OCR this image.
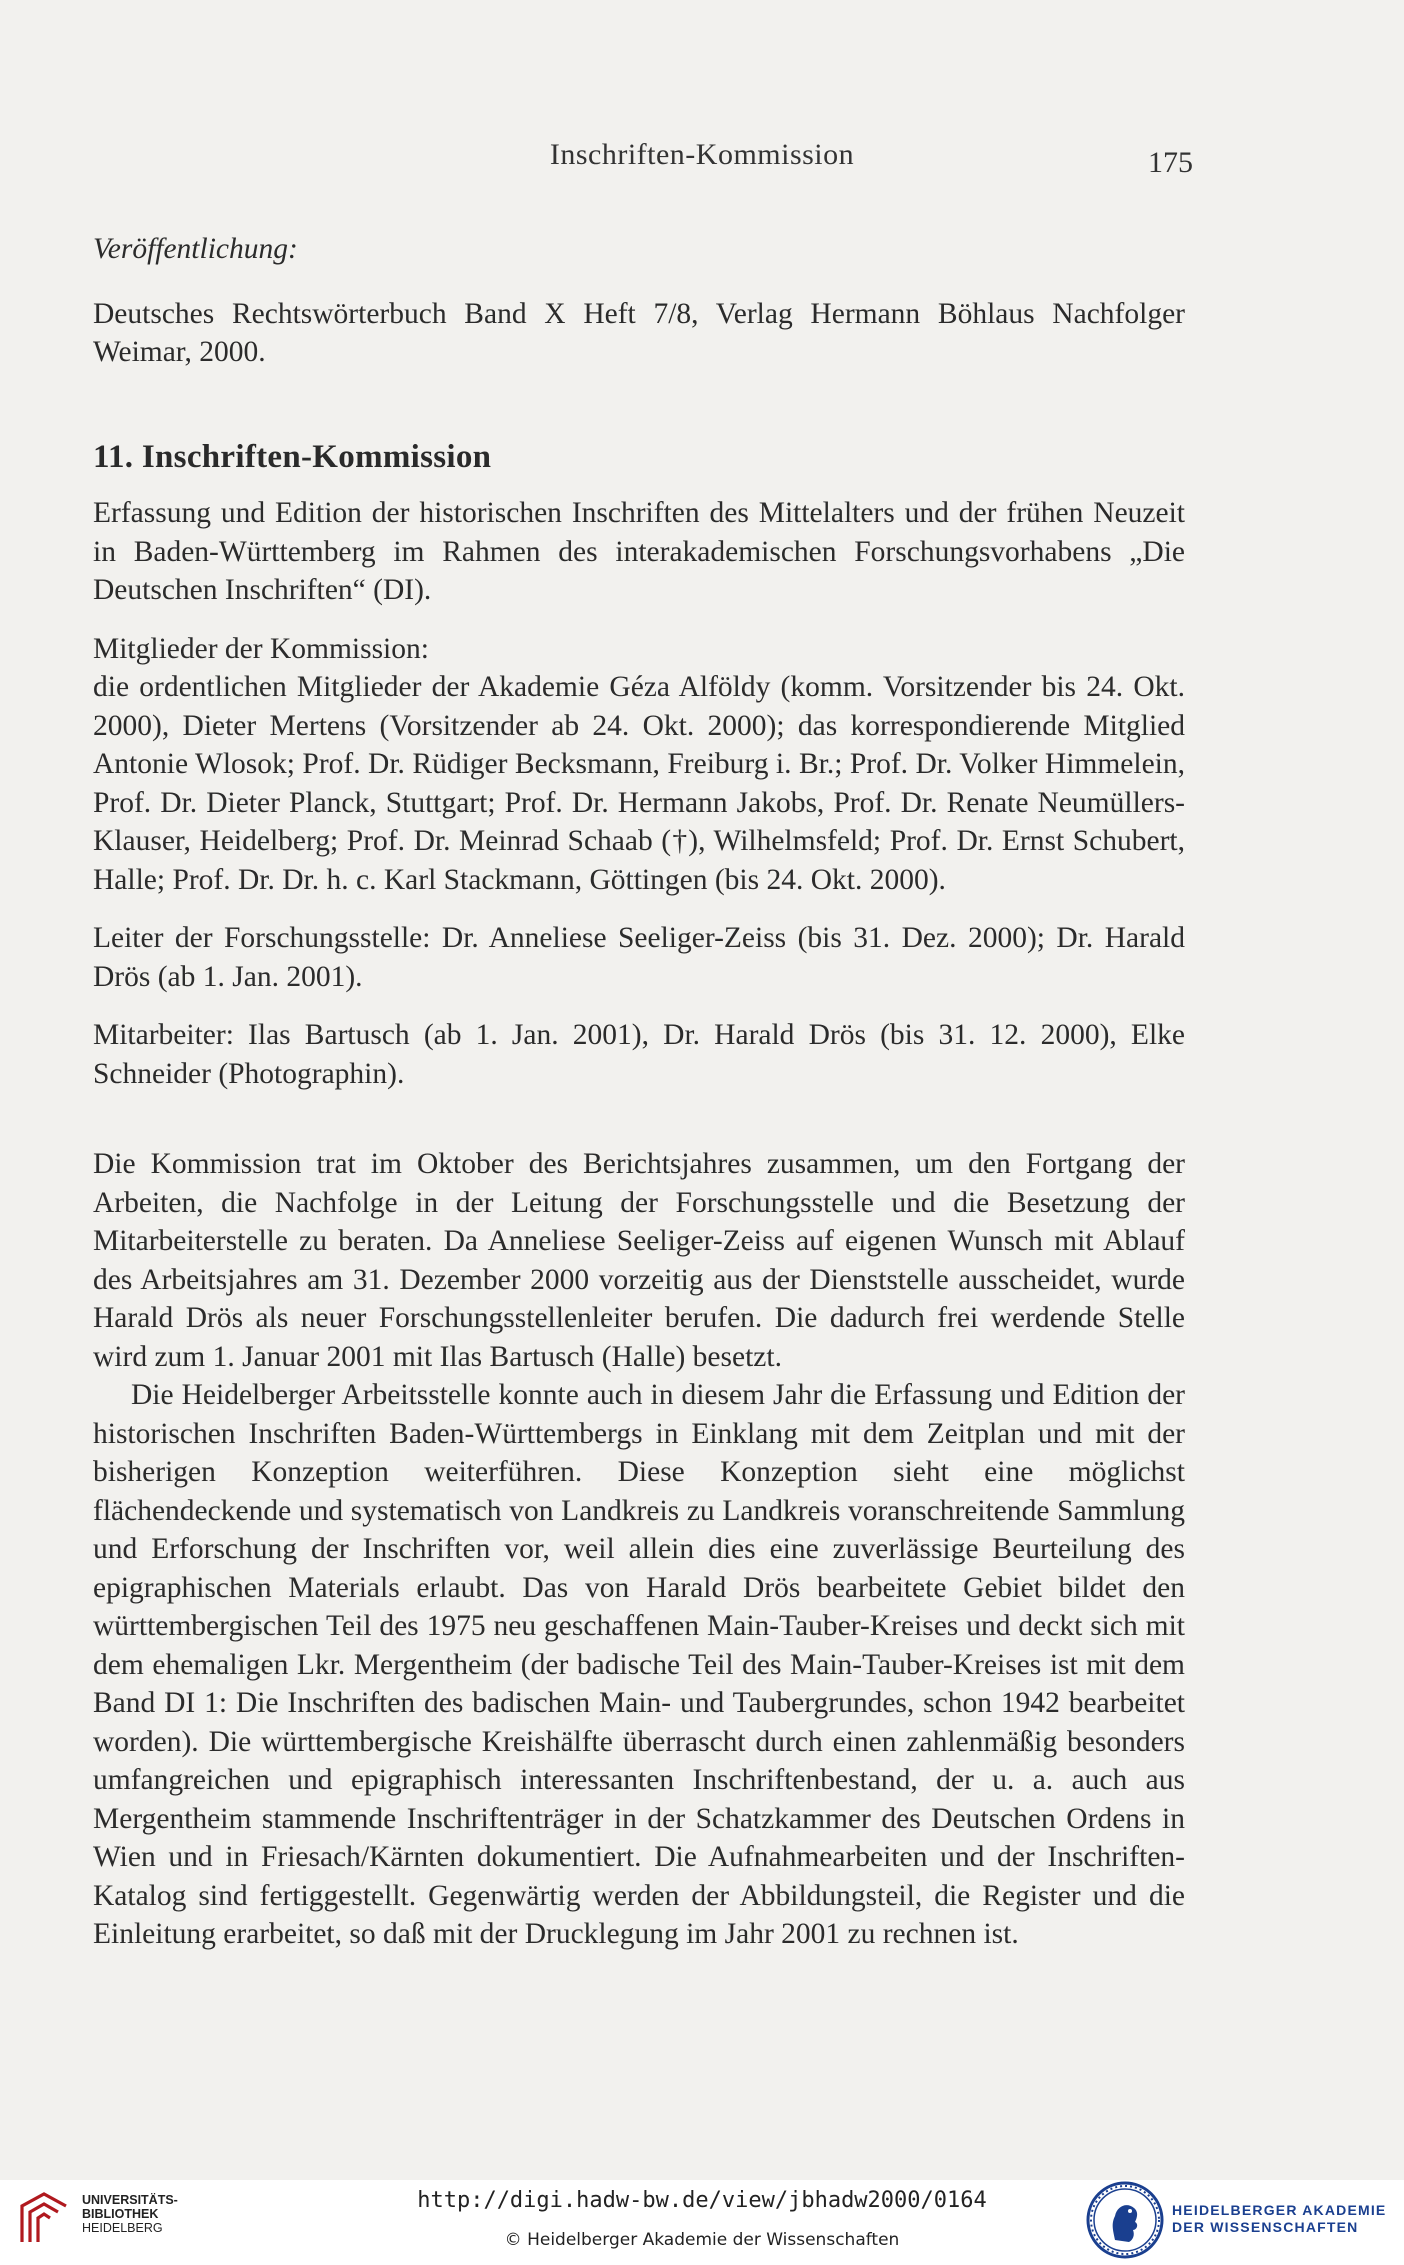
Inschriften-Kommission	175

Veröffentlichung:

Deutsches Rechtswörterbuch Band X Heft 7/8, Verlag Hermann Böhlaus Nachfolger Weimar, 2000.

11. Inschriften-Kommission

Erfassung und Edition der historischen Inschriften des Mittelalters und der frühen Neuzeit in Baden-Württemberg im Rahmen des interakademischen Forschungsvorhabens „Die Deutschen Inschriften“ (DI).

Mitglieder der Kommission:

die ordentlichen Mitglieder der Akademie Géza Alföldy (komm. Vorsitzender bis 24. Okt. 2000), Dieter Mertens (Vorsitzender ab 24. Okt. 2000); das korrespondierende Mitglied Antonie Wlosok; Prof. Dr. Rüdiger Becksmann, Freiburg i. Br.; Prof. Dr. Volker Himmelein, Prof. Dr. Dieter Planck, Stuttgart; Prof. Dr. Hermann Jakobs, Prof. Dr. Renate Neumüllers-Klauser, Heidelberg; Prof. Dr. Meinrad Schaab (†), Wilhelmsfeld; Prof. Dr. Ernst Schubert, Halle; Prof. Dr. Dr. h. c. Karl Stackmann, Göttingen (bis 24. Okt. 2000).

Leiter der Forschungsstelle: Dr. Anneliese Seeliger-Zeiss (bis 31. Dez. 2000); Dr. Harald Drös (ab 1. Jan. 2001).

Mitarbeiter: Ilas Bartusch (ab 1. Jan. 2001), Dr. Harald Drös (bis 31. 12. 2000), Elke Schneider (Photographin).

Die Kommission trat im Oktober des Berichtsjahres zusammen, um den Fortgang der Arbeiten, die Nachfolge in der Leitung der Forschungsstelle und die Besetzung der Mitarbeiterstelle zu beraten. Da Anneliese Seeliger-Zeiss auf eigenen Wunsch mit Ablauf des Arbeitsjahres am 31. Dezember 2000 vorzeitig aus der Dienststelle ausscheidet, wurde Harald Drös als neuer Forschungsstellenleiter berufen. Die dadurch frei werdende Stelle wird zum 1. Januar 2001 mit Ilas Bartusch (Halle) besetzt.

Die Heidelberger Arbeitsstelle konnte auch in diesem Jahr die Erfassung und Edition der historischen Inschriften Baden-Württembergs in Einklang mit dem Zeitplan und mit der bisherigen Konzeption weiterführen. Diese Konzeption sieht eine möglichst flächendeckende und systematisch von Landkreis zu Landkreis voranschreitende Sammlung und Erforschung der Inschriften vor, weil allein dies eine zuverlässige Beurteilung des epigraphischen Materials erlaubt. Das von Harald Drös bearbeitete Gebiet bildet den württembergischen Teil des 1975 neu geschaffenen Main-Tauber-Kreises und deckt sich mit dem ehemaligen Lkr. Mergentheim (der badische Teil des Main-Tauber-Kreises ist mit dem Band DI 1: Die Inschriften des badischen Main- und Taubergrundes, schon 1942 bearbeitet worden). Die württembergische Kreishälfte überrascht durch einen zahlenmäßig besonders umfangreichen und epigraphisch interessanten Inschriftenbestand, der u. a. auch aus Mergentheim stammende Inschriftenträger in der Schatzkammer des Deutschen Ordens in Wien und in Friesach/Kärnten dokumentiert. Die Aufnahmearbeiten und der Inschriften-Katalog sind fertiggestellt. Gegenwärtig werden der Abbildungsteil, die Register und die Einleitung erarbeitet, so daß mit der Drucklegung im Jahr 2001 zu rechnen ist.

UNIVERSITÄTS-
BIBLIOTHEK
HEIDELBERG
http://digi.hadw-bw.de/view/jbhadw2000/0164
© Heidelberger Akademie der Wissenschaften
HEIDELBERGER AKADEMIE
DER WISSENSCHAFTEN
